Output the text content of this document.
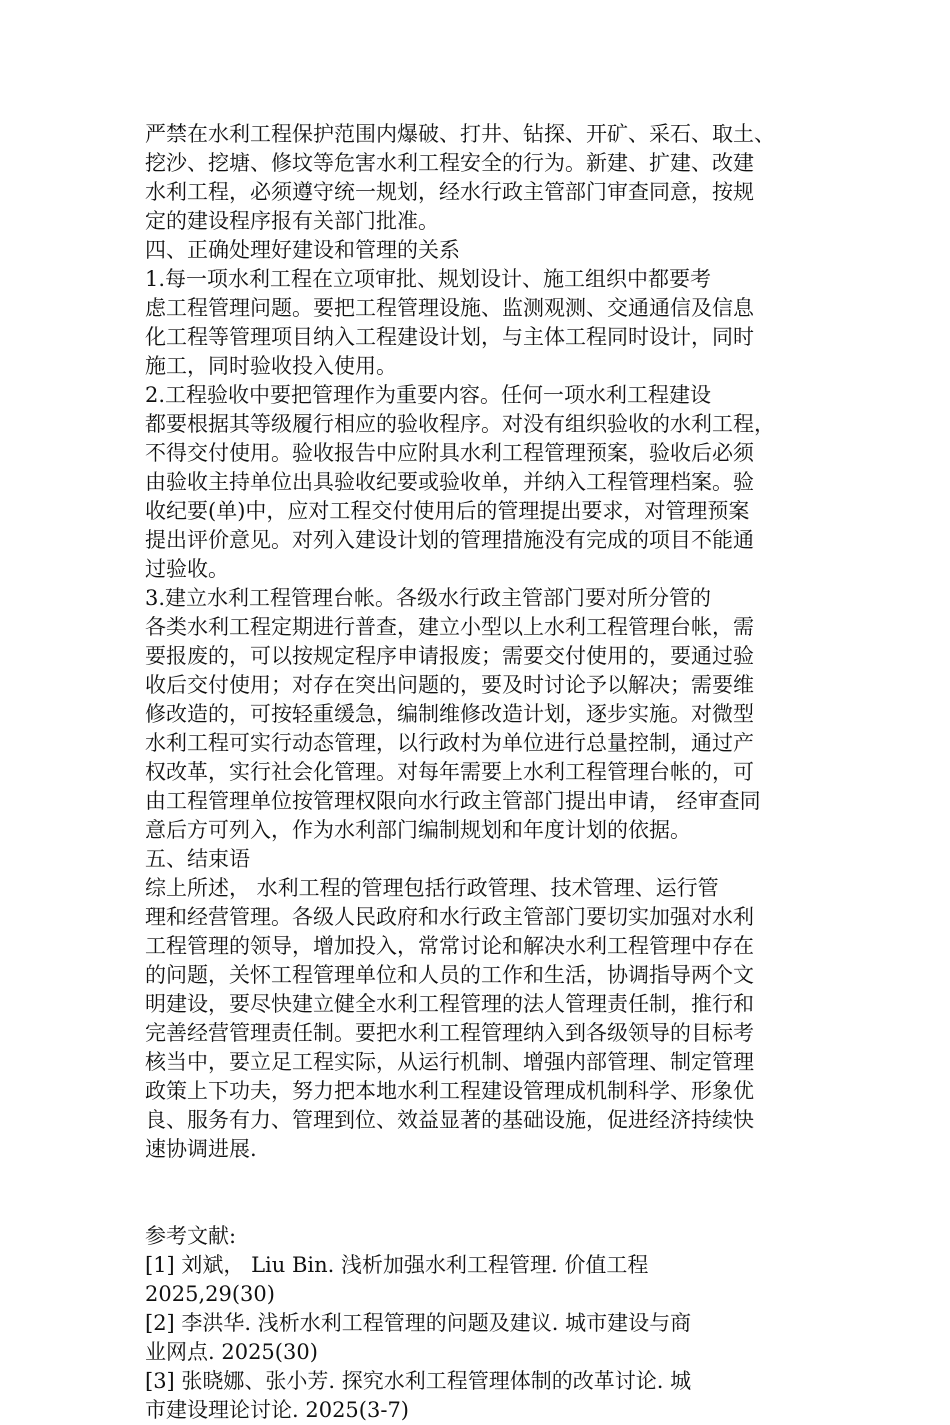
严禁在水利工程保护范围内爆破、打井、钻探、开矿、采石、取土、
挖沙、挖塘、修坟等危害水利工程安全的行为。新建、扩建、改建
水利工程，必须遵守统一规划，经水行政主管部门审查同意，按规
定的建设程序报有关部门批准。

四、正确处理好建设和管理的关系

1.每一项水利工程在立项审批、规划设计、施工组织中都要考
虑工程管理问题。要把工程管理设施、监测观测、交通通信及信息
化工程等管理项目纳入工程建设计划，与主体工程同时设计，同时
施工，同时验收投入使用。

2.工程验收中要把管理作为重要内容。任何一项水利工程建设
都要根据其等级履行相应的验收程序。对没有组织验收的水利工程，
不得交付使用。验收报告中应附具水利工程管理预案，验收后必须
由验收主持单位出具验收纪要或验收单，并纳入工程管理档案。验
收纪要(单)中，应对工程交付使用后的管理提出要求，对管理预案
提出评价意见。对列入建设计划的管理措施没有完成的项目不能通
过验收。

3.建立水利工程管理台帐。各级水行政主管部门要对所分管的
各类水利工程定期进行普查，建立小型以上水利工程管理台帐，需
要报废的，可以按规定程序申请报废；需要交付使用的，要通过验
收后交付使用；对存在突出问题的，要及时讨论予以解决；需要维
修改造的，可按轻重缓急，编制维修改造计划，逐步实施。对微型
水利工程可实行动态管理，以行政村为单位进行总量控制，通过产
权改革，实行社会化管理。对每年需要上水利工程管理台帐的，可
由工程管理单位按管理权限向水行政主管部门提出申请， 经审查同
意后方可列入，作为水利部门编制规划和年度计划的依据。

五、结束语

综上所述， 水利工程的管理包括行政管理、技术管理、运行管
理和经营管理。各级人民政府和水行政主管部门要切实加强对水利
工程管理的领导，增加投入，常常讨论和解决水利工程管理中存在
的问题，关怀工程管理单位和人员的工作和生活，协调指导两个文
明建设，要尽快建立健全水利工程管理的法人管理责任制，推行和
完善经营管理责任制。要把水利工程管理纳入到各级领导的目标考
核当中，要立足工程实际，从运行机制、增强内部管理、制定管理
政策上下功夫，努力把本地水利工程建设管理成机制科学、形象优
良、服务有力、管理到位、效益显著的基础设施，促进经济持续快
速协调进展.

参考文献:

[1] 刘斌， Liu Bin. 浅析加强水利工程管理. 价值工程
2025,29(30)

[2] 李洪华. 浅析水利工程管理的问题及建议. 城市建设与商
业网点. 2025(30)

[3] 张晓娜、张小芳. 探究水利工程管理体制的改革讨论. 城
市建设理论讨论. 2025(3-7)
